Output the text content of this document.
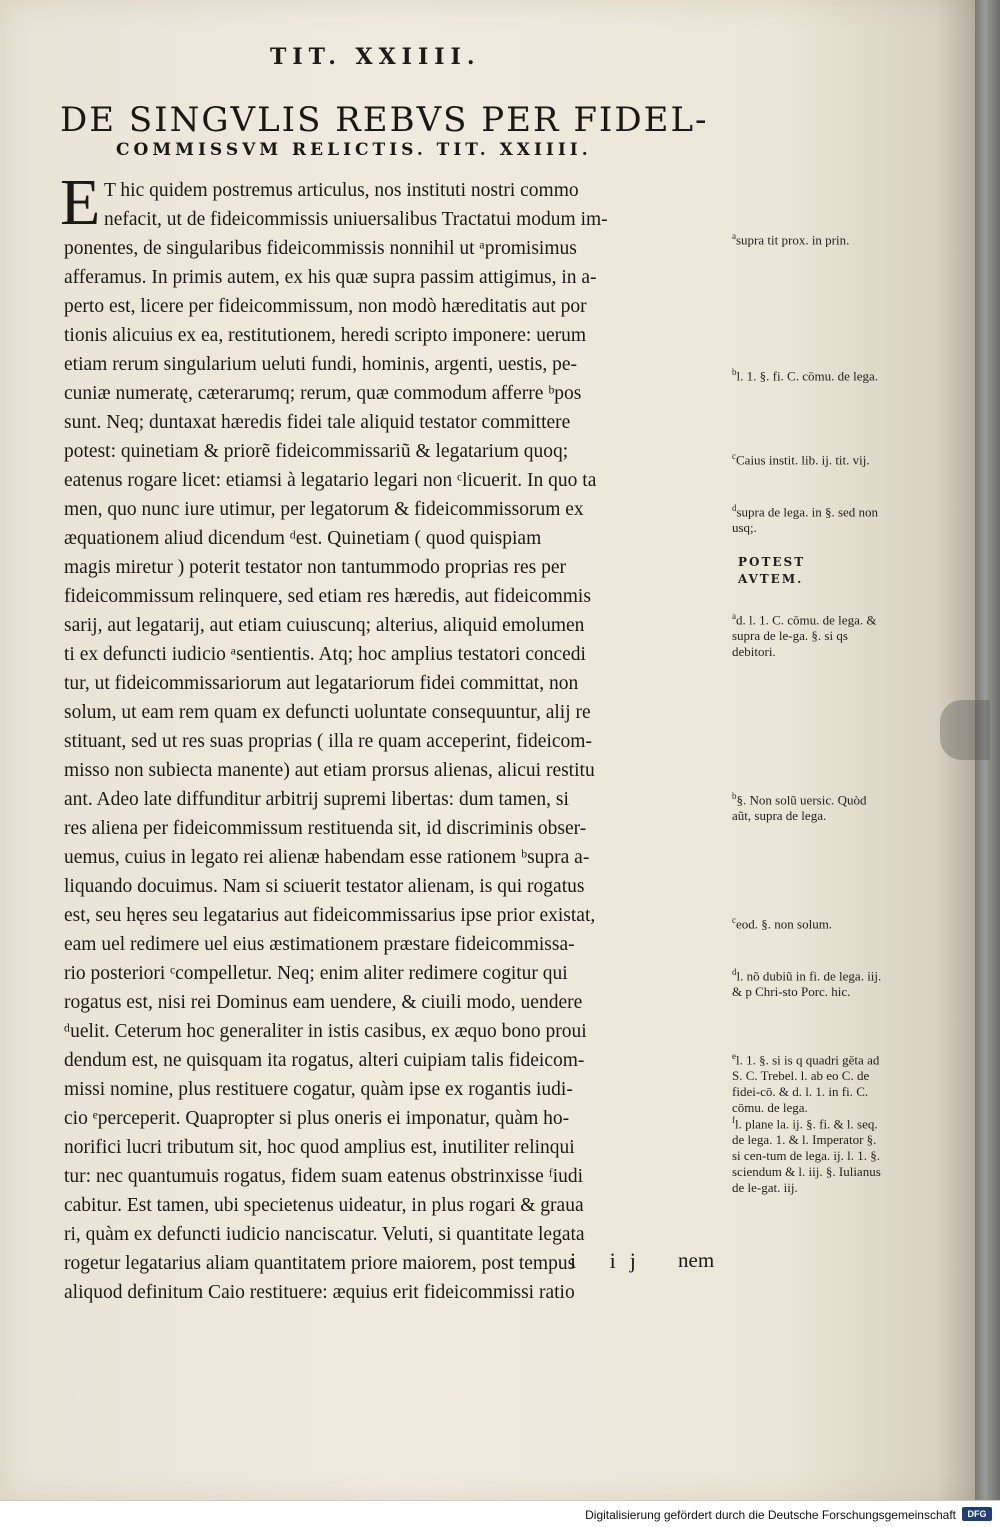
TIT. XXIIII.
DE SINGVLIS REBVS PER FIDEL-
COMMISSVM RELICTIS. TIT. XXIIII.
E T hic quidem postremus articulus, nos instituti nostri commo
nefacit, ut de fideicommissis uniuersalibus Tractatui modum im-
ponentes, de singularibus fideicommissis nonnihil ut ᵃpromisimus
afferamus. In primis autem, ex his quæ supra passim attigimus, in a-
perto est, licere per fideicommissum, non modò hæreditatis aut por
tionis alicuius ex ea, restitutionem, heredi scripto imponere: uerum
etiam rerum singularium ueluti fundi, hominis, argenti, uestis, pe-
cuniæ numeratę, cæterarumq; rerum, quæ commodum afferre ᵇpos
sunt. Neq; duntaxat hæredis fidei tale aliquid testator committere
potest: quinetiam & priorẽ fideicommissariũ & legatarium quoq;
eatenus rogare licet: etiamsi à legatario legari non ᶜlicuerit. In quo ta
men, quo nunc iure utimur, per legatorum & fideicommissorum ex
æquationem aliud dicendum ᵈest. Quinetiam ( quod quispiam
magis miretur ) poterit testator non tantummodo proprias res per
fideicommissum relinquere, sed etiam res hæredis, aut fideicommis
sarij, aut legatarij, aut etiam cuiuscunq; alterius, aliquid emolumen
ti ex defuncti iudicio ᵃsentientis. Atq; hoc amplius testatori concedi
tur, ut fideicommissariorum aut legatariorum fidei committat, non
solum, ut eam rem quam ex defuncti uoluntate consequuntur, alij re
stituant, sed ut res suas proprias ( illa re quam acceperint, fideicom-
misso non subiecta manente) aut etiam prorsus alienas, alicui restitu
ant. Adeo late diffunditur arbitrij supremi libertas: dum tamen, si
res aliena per fideicommissum restituenda sit, id discriminis obser-
uemus, cuius in legato rei alienæ habendam esse rationem ᵇsupra a-
liquando docuimus. Nam si sciuerit testator alienam, is qui rogatus
est, seu hęres seu legatarius aut fideicommissarius ipse prior existat,
eam uel redimere uel eius æstimationem præstare fideicommissa-
rio posteriori ᶜcompelletur. Neq; enim aliter redimere cogitur qui
rogatus est, nisi rei Dominus eam uendere, & ciuili modo, uendere
ᵈuelit. Ceterum hoc generaliter in istis casibus, ex æquo bono proui
dendum est, ne quisquam ita rogatus, alteri cuipiam talis fideicom-
missi nomine, plus restituere cogatur, quàm ipse ex rogantis iudi-
cio ᵉperceperit. Quapropter si plus oneris ei imponatur, quàm ho-
norifici lucri tributum sit, hoc quod amplius est, inutiliter relinqui
tur: nec quantumuis rogatus, fidem suam eatenus obstrinxisse ᶠiudi
cabitur. Est tamen, ubi specietenus uideatur, in plus rogari & graua
ri, quàm ex defuncti iudicio nanciscatur. Veluti, si quantitate legata
rogetur legatarius aliam quantitatem priore maiorem, post tempus
aliquod definitum Caio restituere: æquius erit fideicommissi ratio
POTEST AVTEM.
$^a$supra tit prox. in prin.
$^b$l. 1. §. fi. C. cōmu. de lega.
$^c$Caius instit. lib. ij. tit. vij.
$^d$supra de lega. in §. sed non usq;.
$^a$d. l. 1. C. cōmu. de lega. & supra de le-ga. §. si qs debitori.
$^b$§. Non solũ uersic. Quòd aũt, supra de lega.
$^c$eod. §. non solum.
$^d$l. nõ dubiũ in fi. de lega. iij. & p Chri-sto Porc. hic.
$^e$l. 1. §. si is q quadri gēta ad S. C. Trebel. l. ab eo C. de fidei-cō. & d. l. 1. in fi. C. cōmu. de lega.
$^f$l. plane la. ij. §. fi. & l. seq. de lega. 1. & l. Imperator §. si cen-tum de lega. ij. l. 1. §. sciendum & l. iij. §. Iulianus de le-gat. iij.
i ij nem
Digitalisierung gefördert durch die Deutsche Forschungsgemeinschaft	DFG
